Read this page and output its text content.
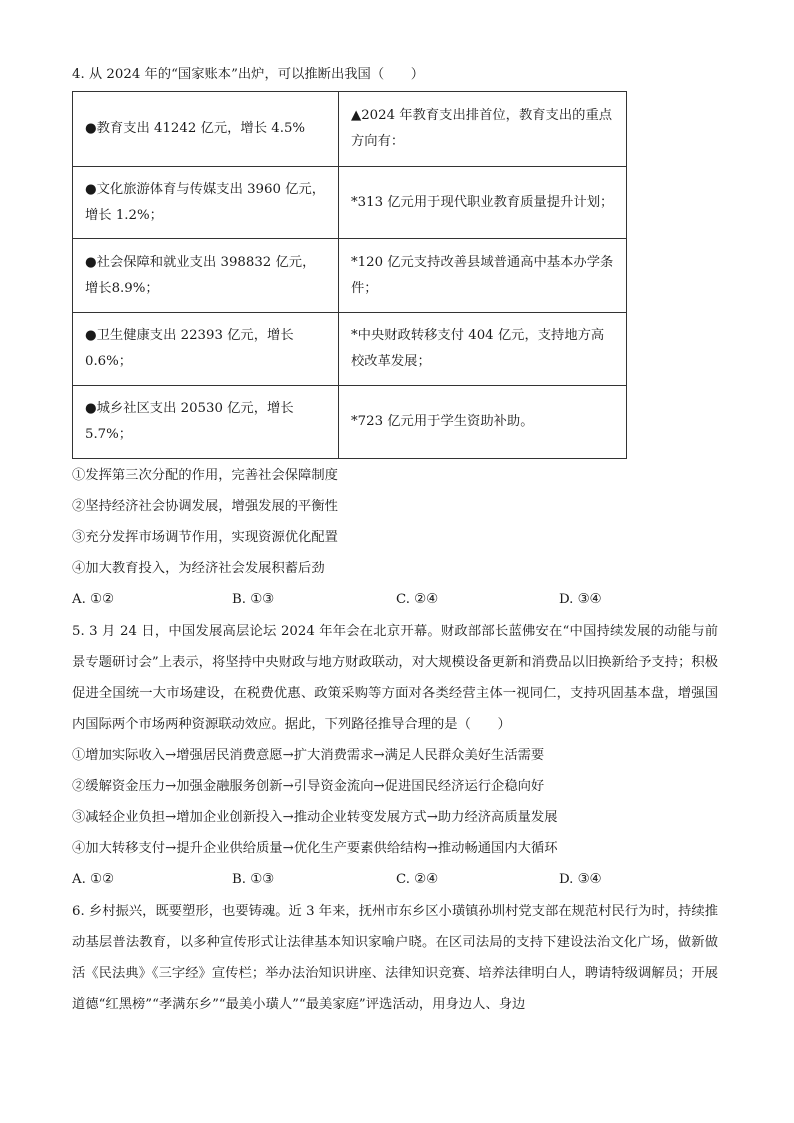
4. 从 2024 年的“国家账本”出炉，可以推断出我国（　　）
●教育支出 41242 亿元，增长 4.5%	▲2024 年教育支出排首位，教育支出的重点方向有：
●文化旅游体育与传媒支出 3960 亿元，增长 1.2%；	*313 亿元用于现代职业教育质量提升计划；
●社会保障和就业支出 398832 亿元，增长8.9%；	*120 亿元支持改善县域普通高中基本办学条件；
●卫生健康支出 22393 亿元，增长 0.6%；	*中央财政转移支付 404 亿元，支持地方高校改革发展；
●城乡社区支出 20530 亿元，增长 5.7%；	*723 亿元用于学生资助补助。
①发挥第三次分配的作用，完善社会保障制度
②坚持经济社会协调发展，增强发展的平衡性
③充分发挥市场调节作用，实现资源优化配置
④加大教育投入，为经济社会发展积蓄后劲
A. ①②	B. ①③	C. ②④	D. ③④
5. 3 月 24 日，中国发展高层论坛 2024 年年会在北京开幕。财政部部长蓝佛安在“中国持续发展的动能与前景专题研讨会”上表示，将坚持中央财政与地方财政联动，对大规模设备更新和消费品以旧换新给予支持；积极促进全国统一大市场建设，在税费优惠、政策采购等方面对各类经营主体一视同仁，支持巩固基本盘，增强国内国际两个市场两种资源联动效应。据此，下列路径推导合理的是（　　）
①增加实际收入→增强居民消费意愿→扩大消费需求→满足人民群众美好生活需要
②缓解资金压力→加强金融服务创新→引导资金流向→促进国民经济运行企稳向好
③减轻企业负担→增加企业创新投入→推动企业转变发展方式→助力经济高质量发展
④加大转移支付→提升企业供给质量→优化生产要素供给结构→推动畅通国内大循环
A. ①②	B. ①③	C. ②④	D. ③④
6. 乡村振兴，既要塑形，也要铸魂。近 3 年来，抚州市东乡区小璜镇孙圳村党支部在规范村民行为时，持续推动基层普法教育，以多种宣传形式让法律基本知识家喻户晓。在区司法局的支持下建设法治文化广场，做新做活《民法典》《三字经》宣传栏；举办法治知识讲座、法律知识竞赛、培养法律明白人，聘请特级调解员；开展道德“红黑榜”“孝满东乡”“最美小璜人”“最美家庭”评选活动，用身边人、身边
